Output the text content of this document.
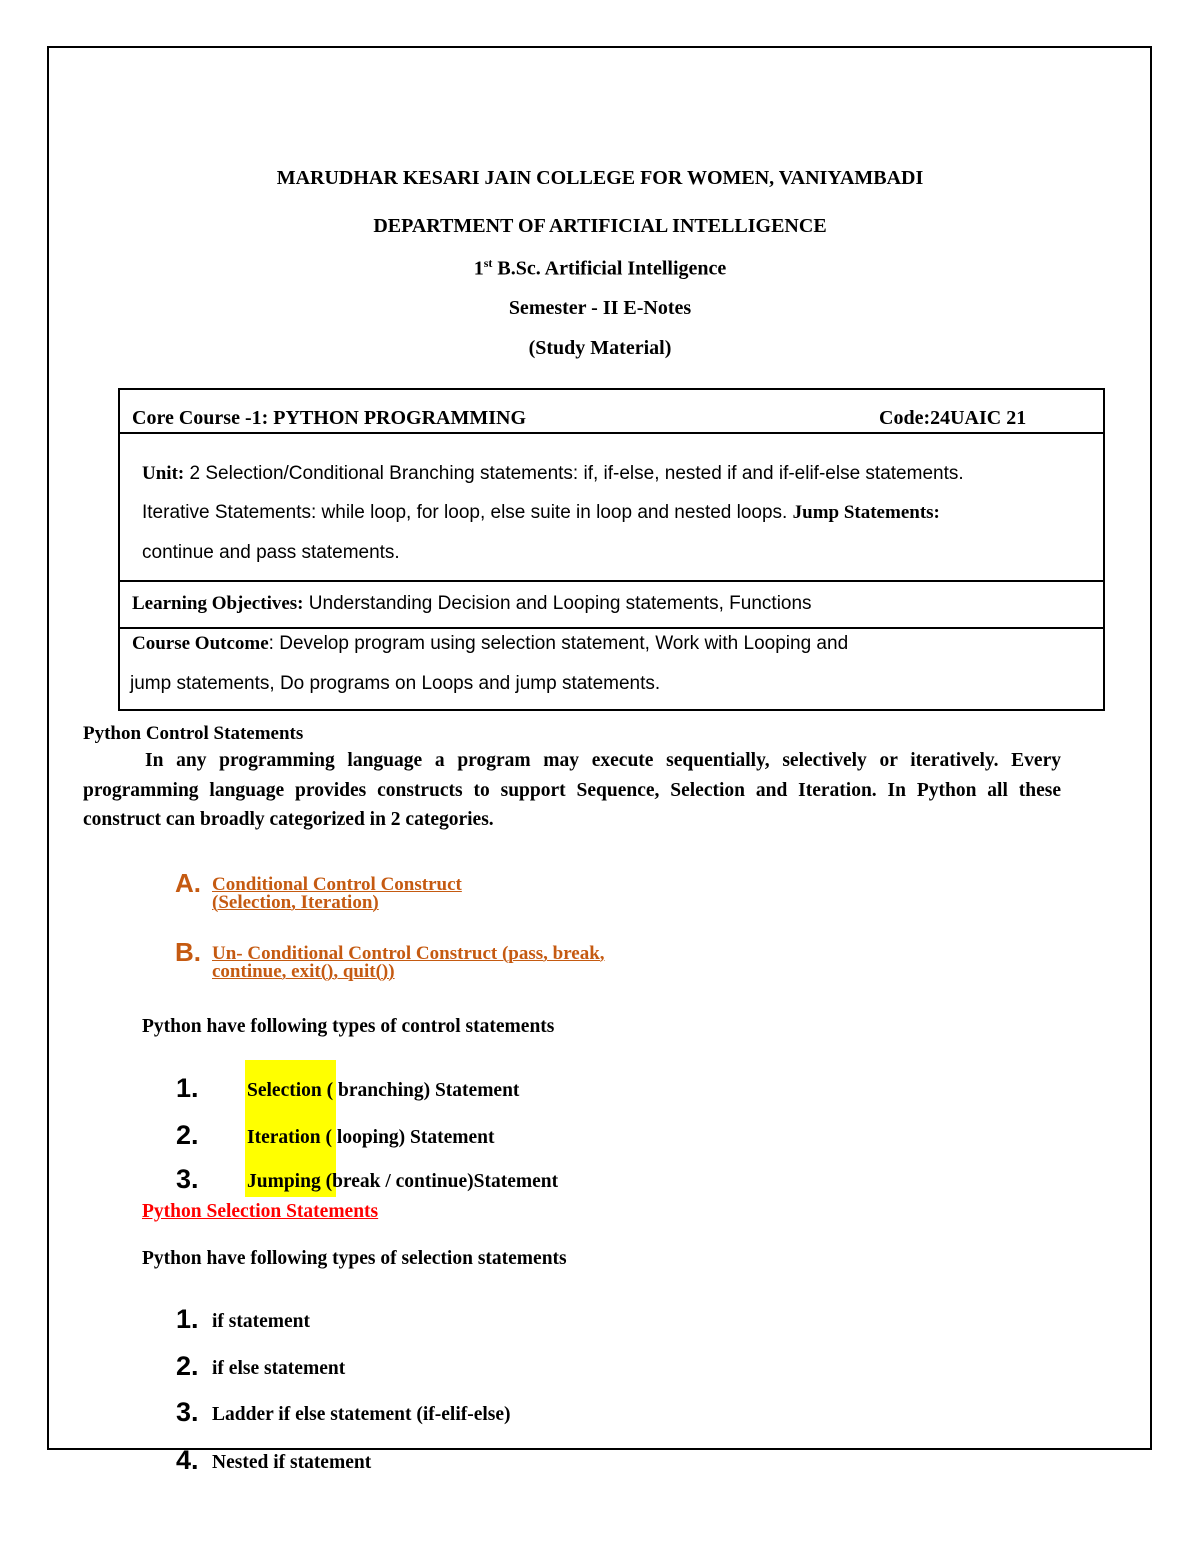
MARUDHAR KESARI JAIN COLLEGE FOR WOMEN, VANIYAMBADI
DEPARTMENT OF ARTIFICIAL INTELLIGENCE
1st B.Sc. Artificial Intelligence
Semester - II E-Notes
(Study Material)
Core Course -1: PYTHON PROGRAMMING	Code:24UAIC 21
Unit: 2 Selection/Conditional Branching statements: if, if-else, nested if and if-elif-else statements.
Iterative Statements: while loop, for loop, else suite in loop and nested loops. Jump Statements:
continue and pass statements.
Learning Objectives: Understanding Decision and Looping statements, Functions
Course Outcome: Develop program using selection statement, Work with Looping and
jump statements, Do programs on Loops and jump statements.
Python Control Statements
In any programming language a program may execute sequentially, selectively or iteratively. Every programming language provides constructs to support Sequence, Selection and Iteration. In Python all these construct can broadly categorized in 2 categories.
A. Conditional Control Construct
(Selection, Iteration)
B. Un- Conditional Control Construct (pass, break,
continue, exit(), quit())
Python have following types of control statements
1. Selection ( branching) Statement
2. Iteration ( looping) Statement
3. Jumping (break / continue)Statement
Python Selection Statements
Python have following types of selection statements
1. if statement
2. if else statement
3. Ladder if else statement (if-elif-else)
4. Nested if statement
